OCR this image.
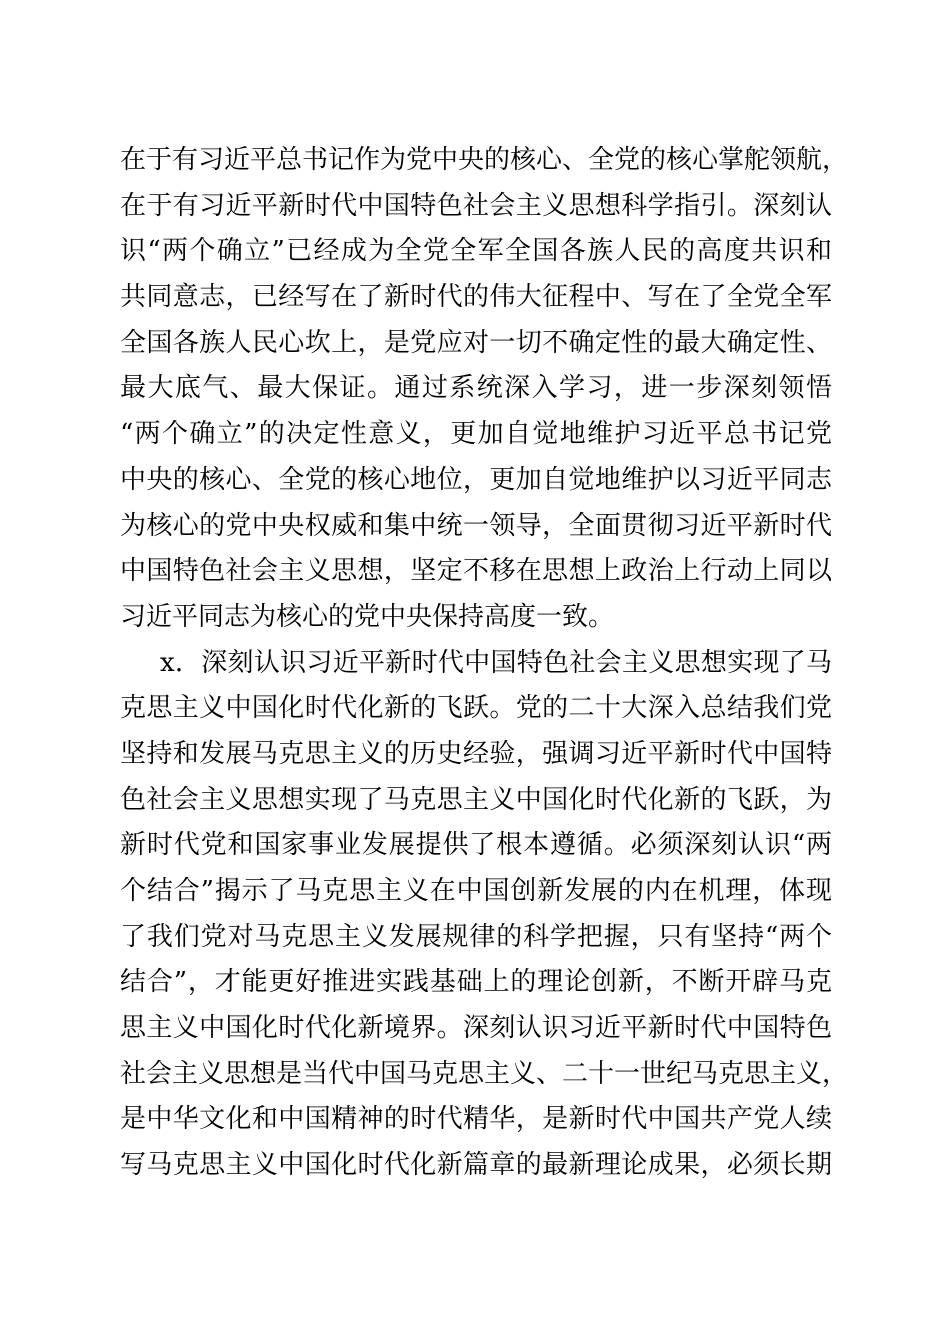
在于有习近平总书记作为党中央的核心、全党的核心掌舵领航，
在于有习近平新时代中国特色社会主义思想科学指引。深刻认
识“两个确立”已经成为全党全军全国各族人民的高度共识和
共同意志，已经写在了新时代的伟大征程中、写在了全党全军
全国各族人民心坎上，是党应对一切不确定性的最大确定性、
最大底气、最大保证。通过系统深入学习，进一步深刻领悟
“两个确立”的决定性意义，更加自觉地维护习近平总书记党
中央的核心、全党的核心地位，更加自觉地维护以习近平同志
为核心的党中央权威和集中统一领导，全面贯彻习近平新时代
中国特色社会主义思想，坚定不移在思想上政治上行动上同以
习近平同志为核心的党中央保持高度一致。
x．深刻认识习近平新时代中国特色社会主义思想实现了马
克思主义中国化时代化新的飞跃。党的二十大深入总结我们党
坚持和发展马克思主义的历史经验，强调习近平新时代中国特
色社会主义思想实现了马克思主义中国化时代化新的飞跃，为
新时代党和国家事业发展提供了根本遵循。必须深刻认识“两
个结合”揭示了马克思主义在中国创新发展的内在机理，体现
了我们党对马克思主义发展规律的科学把握，只有坚持“两个
结合”，才能更好推进实践基础上的理论创新，不断开辟马克
思主义中国化时代化新境界。深刻认识习近平新时代中国特色
社会主义思想是当代中国马克思主义、二十一世纪马克思主义，
是中华文化和中国精神的时代精华，是新时代中国共产党人续
写马克思主义中国化时代化新篇章的最新理论成果，必须长期
